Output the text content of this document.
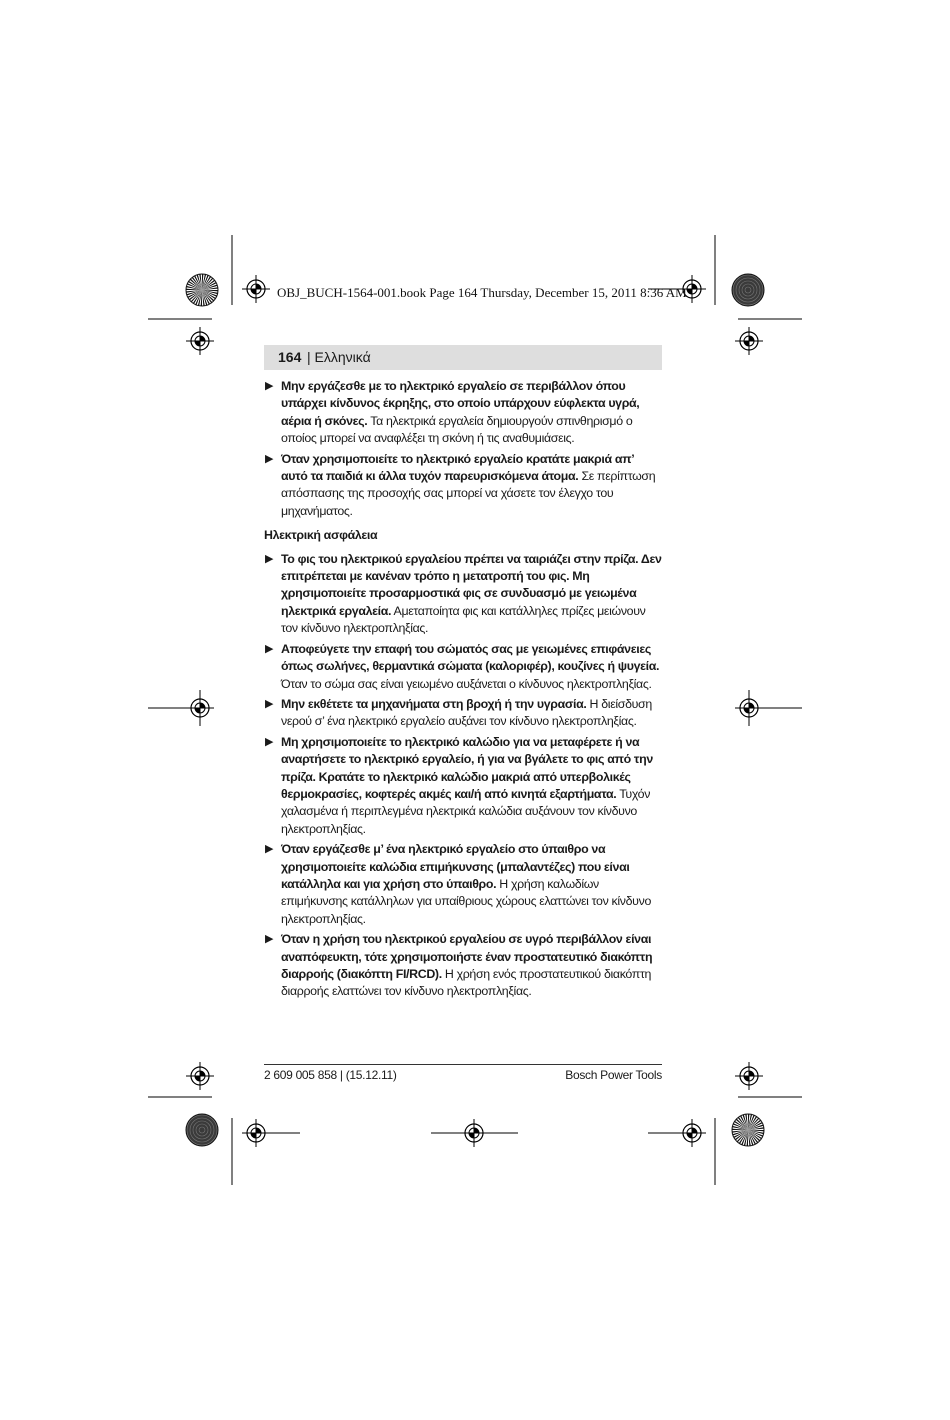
OBJ_BUCH-1564-001.book Page 164 Thursday, December 15, 2011 8:36 AM
164 | Ελληνικά
▶ Μην εργάζεσθε με το ηλεκτρικό εργαλείο σε περιβάλλον όπου υπάρχει κίνδυνος έκρηξης, στο οποίο υπάρχουν εύφλεκτα υγρά, αέρια ή σκόνες. Τα ηλεκτρικά εργαλεία δημιουργούν σπινθηρισμό ο οποίος μπορεί να αναφλέξει τη σκόνη ή τις αναθυμιάσεις.
▶ Όταν χρησιμοποιείτε το ηλεκτρικό εργαλείο κρατάτε μακριά απ’ αυτό τα παιδιά κι άλλα τυχόν παρευρισκόμενα άτομα. Σε περίπτωση απόσπασης της προσοχής σας μπορεί να χάσετε τον έλεγχο του μηχανήματος.
Ηλεκτρική ασφάλεια
▶ Το φις του ηλεκτρικού εργαλείου πρέπει να ταιριάζει στην πρίζα. Δεν επιτρέπεται με κανέναν τρόπο η μετατροπή του φις. Μη χρησιμοποιείτε προσαρμοστικά φις σε συνδυασμό με γειωμένα ηλεκτρικά εργαλεία. Αμεταποίητα φις και κατάλληλες πρίζες μειώνουν τον κίνδυνο ηλεκτροπληξίας.
▶ Αποφεύγετε την επαφή του σώματός σας με γειωμένες επιφάνειες όπως σωλήνες, θερμαντικά σώματα (καλοριφέρ), κουζίνες ή ψυγεία. Όταν το σώμα σας είναι γειωμένο αυξάνεται ο κίνδυνος ηλεκτροπληξίας.
▶ Μην εκθέτετε τα μηχανήματα στη βροχή ή την υγρασία. Η διείσδυση νερού σ’ ένα ηλεκτρικό εργαλείο αυξάνει τον κίνδυνο ηλεκτροπληξίας.
▶ Μη χρησιμοποιείτε το ηλεκτρικό καλώδιο για να μεταφέρετε ή να αναρτήσετε το ηλεκτρικό εργαλείο, ή για να βγάλετε το φις από την πρίζα. Κρατάτε το ηλεκτρικό καλώδιο μακριά από υπερβολικές θερμοκρασίες, κοφτερές ακμές και/ή από κινητά εξαρτήματα. Τυχόν χαλασμένα ή περιπλεγμένα ηλεκτρικά καλώδια αυξάνουν τον κίνδυνο ηλεκτροπληξίας.
▶ Όταν εργάζεσθε μ’ ένα ηλεκτρικό εργαλείο στο ύπαιθρο να χρησιμοποιείτε καλώδια επιμήκυνσης (μπαλαντέζες) που είναι κατάλληλα και για χρήση στο ύπαιθρο. Η χρήση καλωδίων επιμήκυνσης κατάλληλων για υπαίθριους χώρους ελαττώνει τον κίνδυνο ηλεκτροπληξίας.
▶ Όταν η χρήση του ηλεκτρικού εργαλείου σε υγρό περιβάλλον είναι αναπόφευκτη, τότε χρησιμοποιήστε έναν προστατευτικό διακόπτη διαρροής (διακόπτη FI/RCD). Η χρήση ενός προστατευτικού διακόπτη διαρροής ελαττώνει τον κίνδυνο ηλεκτροπληξίας.
2 609 005 858 | (15.12.11)	Bosch Power Tools
